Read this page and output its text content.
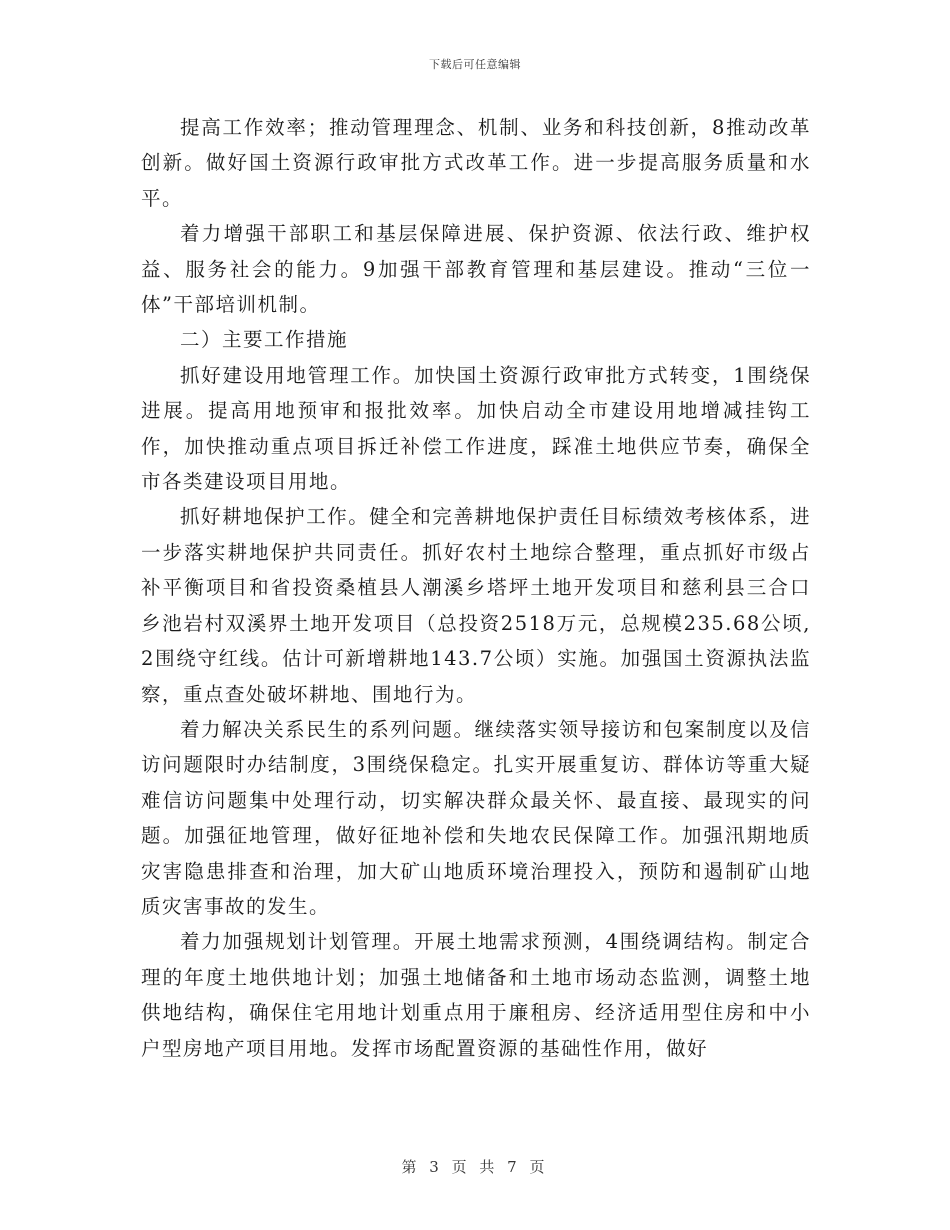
下载后可任意编辑

提高工作效率；推动管理理念、机制、业务和科技创新，8推动改革创新。做好国土资源行政审批方式改革工作。进一步提高服务质量和水平。

着力增强干部职工和基层保障进展、保护资源、依法行政、维护权益、服务社会的能力。9加强干部教育管理和基层建设。推动“三位一体”干部培训机制。

二）主要工作措施

抓好建设用地管理工作。加快国土资源行政审批方式转变，1围绕保进展。提高用地预审和报批效率。加快启动全市建设用地增减挂钩工作，加快推动重点项目拆迁补偿工作进度，踩准土地供应节奏，确保全市各类建设项目用地。

抓好耕地保护工作。健全和完善耕地保护责任目标绩效考核体系，进一步落实耕地保护共同责任。抓好农村土地综合整理，重点抓好市级占补平衡项目和省投资桑植县人潮溪乡塔坪土地开发项目和慈利县三合口乡池岩村双溪界土地开发项目（总投资2518万元，总规模235.68公顷,2围绕守红线。估计可新增耕地143.7公顷）实施。加强国土资源执法监察，重点查处破坏耕地、围地行为。

着力解决关系民生的系列问题。继续落实领导接访和包案制度以及信访问题限时办结制度，3围绕保稳定。扎实开展重复访、群体访等重大疑难信访问题集中处理行动，切实解决群众最关怀、最直接、最现实的问题。加强征地管理，做好征地补偿和失地农民保障工作。加强汛期地质灾害隐患排查和治理，加大矿山地质环境治理投入，预防和遏制矿山地质灾害事故的发生。

着力加强规划计划管理。开展土地需求预测，4围绕调结构。制定合理的年度土地供地计划；加强土地储备和土地市场动态监测，调整土地供地结构，确保住宅用地计划重点用于廉租房、经济适用型住房和中小户型房地产项目用地。发挥市场配置资源的基础性作用，做好

第 3 页 共 7 页
